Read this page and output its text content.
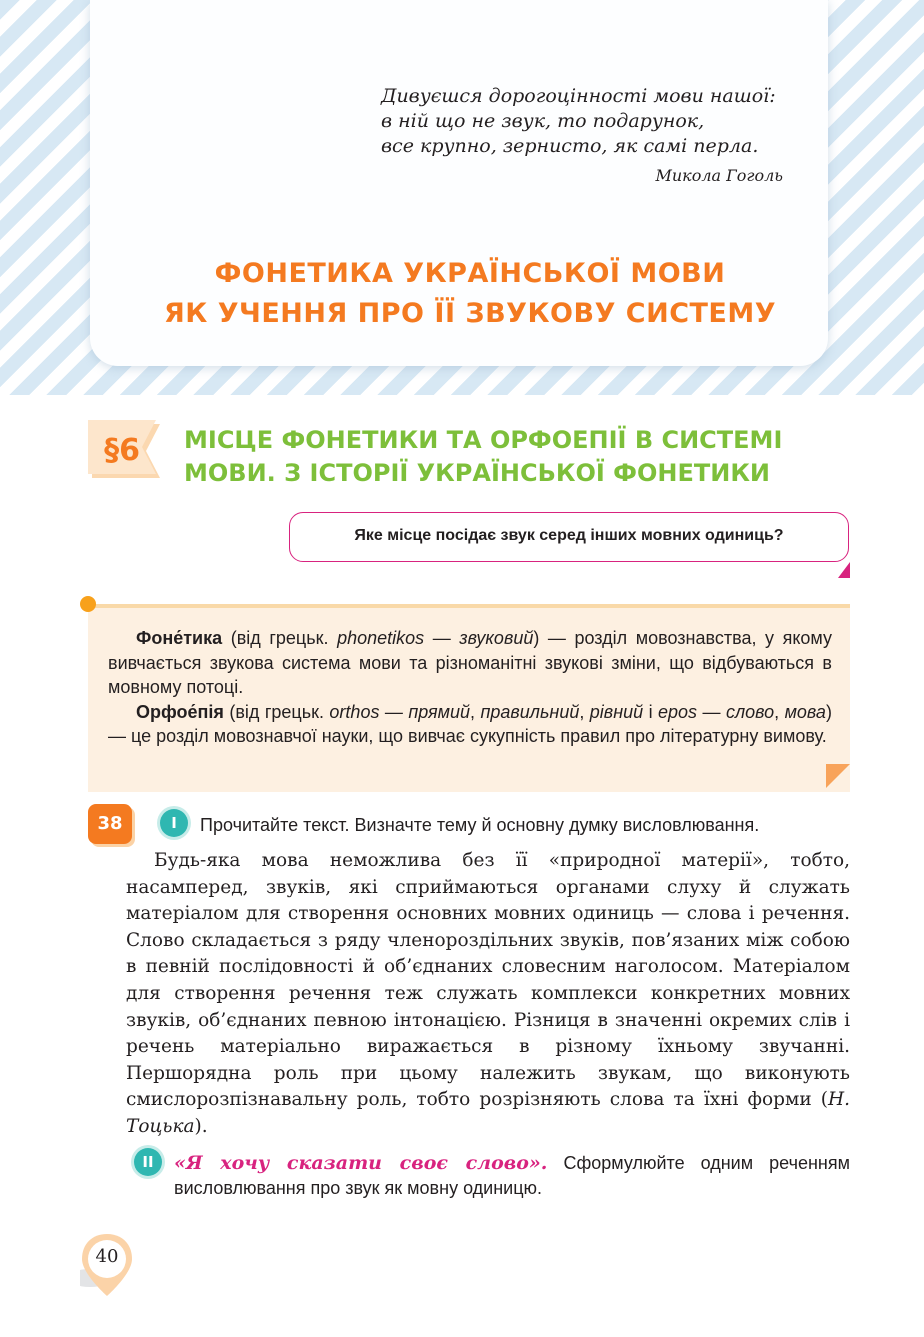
Дивуєшся дорогоцінності мови нашої:
в ній що не звук, то подарунок,
все крупно, зернисто, як самі перла.
Микола Гоголь
ФОНЕТИКА УКРАЇНСЬКОЇ МОВИ
ЯК УЧЕННЯ ПРО ЇЇ ЗВУКОВУ СИСТЕМУ
§6	МІСЦЕ ФОНЕТИКИ ТА ОРФОЕПІЇ В СИСТЕМІ
МОВИ. З ІСТОРІЇ УКРАЇНСЬКОЇ ФОНЕТИКИ
Яке місце посідає звук серед інших мовних одиниць?

Фоне́тика (від грецьк. phonetikos — звуковий) — розділ мовознавства, у якому вивчається звукова система мови та різноманітні звукові зміни, що відбуваються в мовному потоці.

Орфое́пія (від грецьк. orthos — прямий, правильний, рівний і epos — слово, мова) — це розділ мовознавчої науки, що вивчає сукупність правил про літературну вимову.

38	I	Прочитайте текст. Визначте тему й основну думку висловлювання.

Будь-яка мова неможлива без її «природної матерії», тобто, насамперед, звуків, які сприймаються органами слуху й служать матеріалом для створення основних мовних одиниць — слова і речення. Слово складається з ряду членороздільних звуків, пов’язаних між собою в певній послідовності й об’єднаних словесним наголосом. Матеріалом для створення речення теж служать комплекси конкретних мовних звуків, об’єднаних певною інтонацією. Різниця в значенні окремих слів і речень матеріально виражається в різному їхньому звучанні. Першорядна роль при цьому належить звукам, що виконують смислорозпізнавальну роль, тобто розрізняють слова та їхні форми (Н. Тоцька).

II	«Я хочу сказати своє слово». Сформулюйте одним реченням висловлювання про звук як мовну одиницю.
40
